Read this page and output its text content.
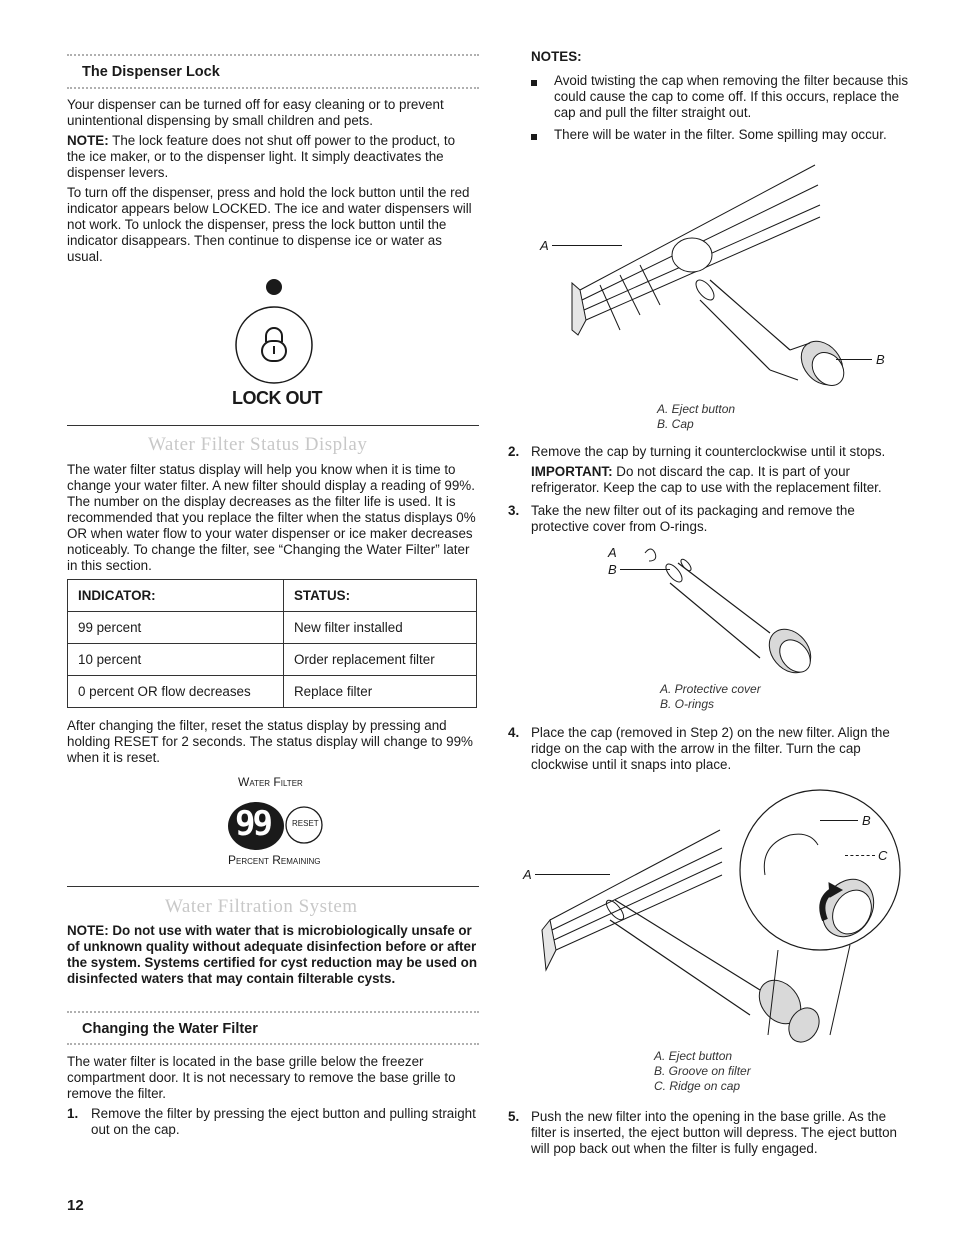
The Dispenser Lock

Your dispenser can be turned off for easy cleaning or to prevent unintentional dispensing by small children and pets.

NOTE: The lock feature does not shut off power to the product, to the ice maker, or to the dispenser light. It simply deactivates the dispenser levers.

To turn off the dispenser, press and hold the lock button until the red indicator appears below LOCKED. The ice and water dispensers will not work. To unlock the dispenser, press the lock button until the indicator disappears. Then continue to dispense ice or water as usual.

LOCK OUT
Water Filter Status Display

The water filter status display will help you know when it is time to change your water filter. A new filter should display a reading of 99%. The number on the display decreases as the filter life is used. It is recommended that you replace the filter when the status displays 0% OR when water flow to your water dispenser or ice maker decreases noticeably. To change the filter, see “Changing the Water Filter” later in this section.

INDICATOR:	STATUS:
99 percent	New filter installed
10 percent	Order replacement filter
0 percent OR flow decreases	Replace filter

After changing the filter, reset the status display by pressing and holding RESET for 2 seconds. The status display will change to 99% when it is reset.

Water Filter
99	RESET
Percent Remaining
Water Filtration System

NOTE: Do not use with water that is microbiologically unsafe or of unknown quality without adequate disinfection before or after the system. Systems certified for cyst reduction may be used on disinfected waters that may contain filterable cysts.

Changing the Water Filter

The water filter is located in the base grille below the freezer compartment door. It is not necessary to remove the base grille to remove the filter.

1. Remove the filter by pressing the eject button and pulling straight out on the cap.

12
NOTES:

Avoid twisting the cap when removing the filter because this could cause the cap to come off. If this occurs, replace the cap and pull the filter straight out.

There will be water in the filter. Some spilling may occur.

A
B
A. Eject button
B. Cap
2. Remove the cap by turning it counterclockwise until it stops.

IMPORTANT: Do not discard the cap. It is part of your refrigerator. Keep the cap to use with the replacement filter.

3. Take the new filter out of its packaging and remove the protective cover from O-rings.

A
B
A. Protective cover
B. O-rings
4. Place the cap (removed in Step 2) on the new filter. Align the ridge on the cap with the arrow in the filter. Turn the cap clockwise until it snaps into place.

A
B
C
A. Eject button
B. Groove on filter
C. Ridge on cap
5. Push the new filter into the opening in the base grille. As the filter is inserted, the eject button will depress. The eject button will pop back out when the filter is fully engaged.
